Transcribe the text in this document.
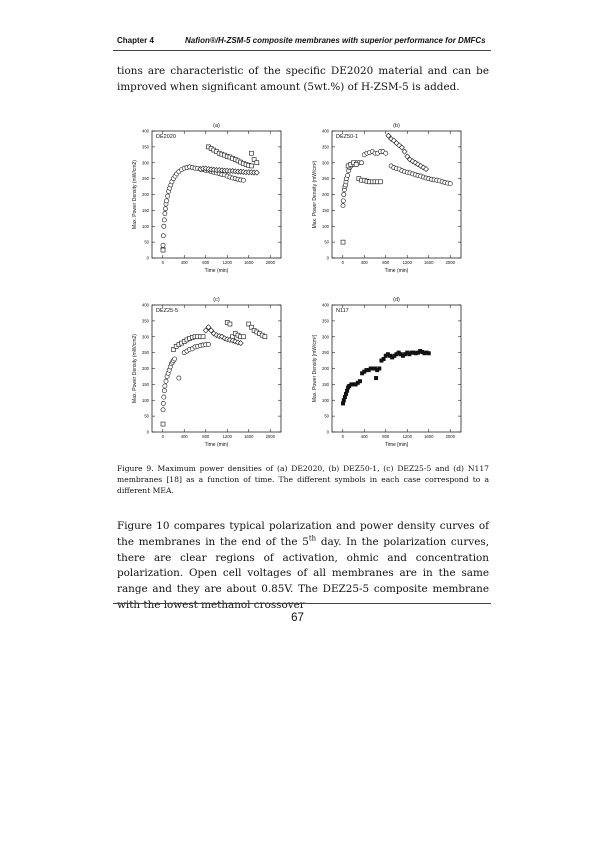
Chapter 4	Nafion®/H-ZSM-5 composite membranes with superior performance for DMFCs

tions are characteristic of the specific DE2020 material and can be improved when significant amount (5wt.%) of H-ZSM-5 is added.

0	400	800	1200	1600	2000
0
50
100
150
200
250
300
350
400
(a)
DE2020
Time (min)
Max. Power Density (mW/cm2)
0	400	800	1200	1600	2000
0
50
100
150
200
250
300
350
400
(b)
DEZ50-1
Time (min)
Max. Power Density (mW/cm²)
0	400	800	1200	1600	2000
0
50
100
150
200
250
300
350
400
(c)
DEZ25-5
Time (min)
Max. Power Density (mW/cm2)
0	400	800	1200	1600	2000
0
50
100
150
200
250
300
350
400
(d)
N117
Time [min]
Max. Power Density [mW/cm²]

Figure 9. Maximum power densities of (a) DE2020, (b) DEZ50-1, (c) DEZ25-5 and (d) N117 membranes [18] as a function of time. The different symbols in each case correspond to a different MEA.

Figure 10 compares typical polarization and power density curves of the membranes in the end of the 5th day. In the polarization curves, there are clear regions of activation, ohmic and concentration polarization. Open cell voltages of all membranes are in the same range and they are about 0.85V. The DEZ25-5 composite membrane with the lowest methanol crossover

67
